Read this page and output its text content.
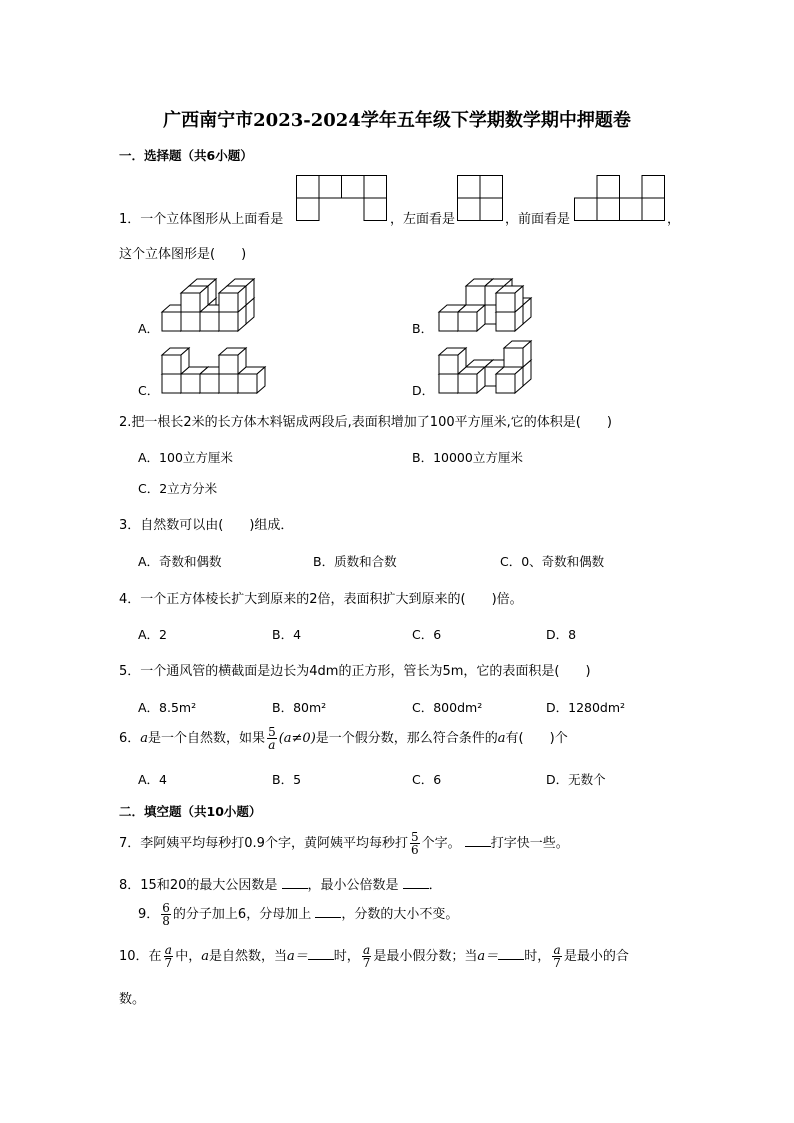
广西南宁市2023-2024学年五年级下学期数学期中押题卷
一．选择题（共6小题）
1．一个立体图形从上面看是	，左面看是	，前面看是	，
这个立体图形是(　　)
A．	B．
C．	D．
2.把一根长2米的长方体木料锯成两段后,表面积增加了100平方厘米,它的体积是(　　)
A．100立方厘米	B．10000立方厘米
C．2立方分米
3．自然数可以由(　　)组成．
A．奇数和偶数	B．质数和合数	C．0、奇数和偶数
4．一个正方体棱长扩大到原来的2倍，表面积扩大到原来的(　　)倍。
A．2	B．4	C．6	D．8
5．一个通风管的横截面是边长为4dm的正方形，管长为5m，它的表面积是(　　)
A．8.5m²	B．80m²	C．800dm²	D．1280dm²
6．a是一个自然数，如果 $\frac{5}{a} (a\ne 0)$是一个假分数，那么符合条件的a有(　　)个
A．4	B．5	C．6	D．无数个
二．填空题（共10小题）
7．李阿姨平均每秒打0.9个字，黄阿姨平均每秒打 $\frac{5}{6}$ 个字。 打字快一些。
8．15和20的最大公因数是 ，最小公倍数是 ．
9． $\frac{6}{8}$ 的分子加上6，分母加上 ，分数的大小不变。
10．在 $\frac{a}{7}$ 中，a是自然数，当a＝ 时， $\frac{a}{7}$ 是最小假分数；当a＝ 时， $\frac{a}{7}$ 是最小的合
数。
